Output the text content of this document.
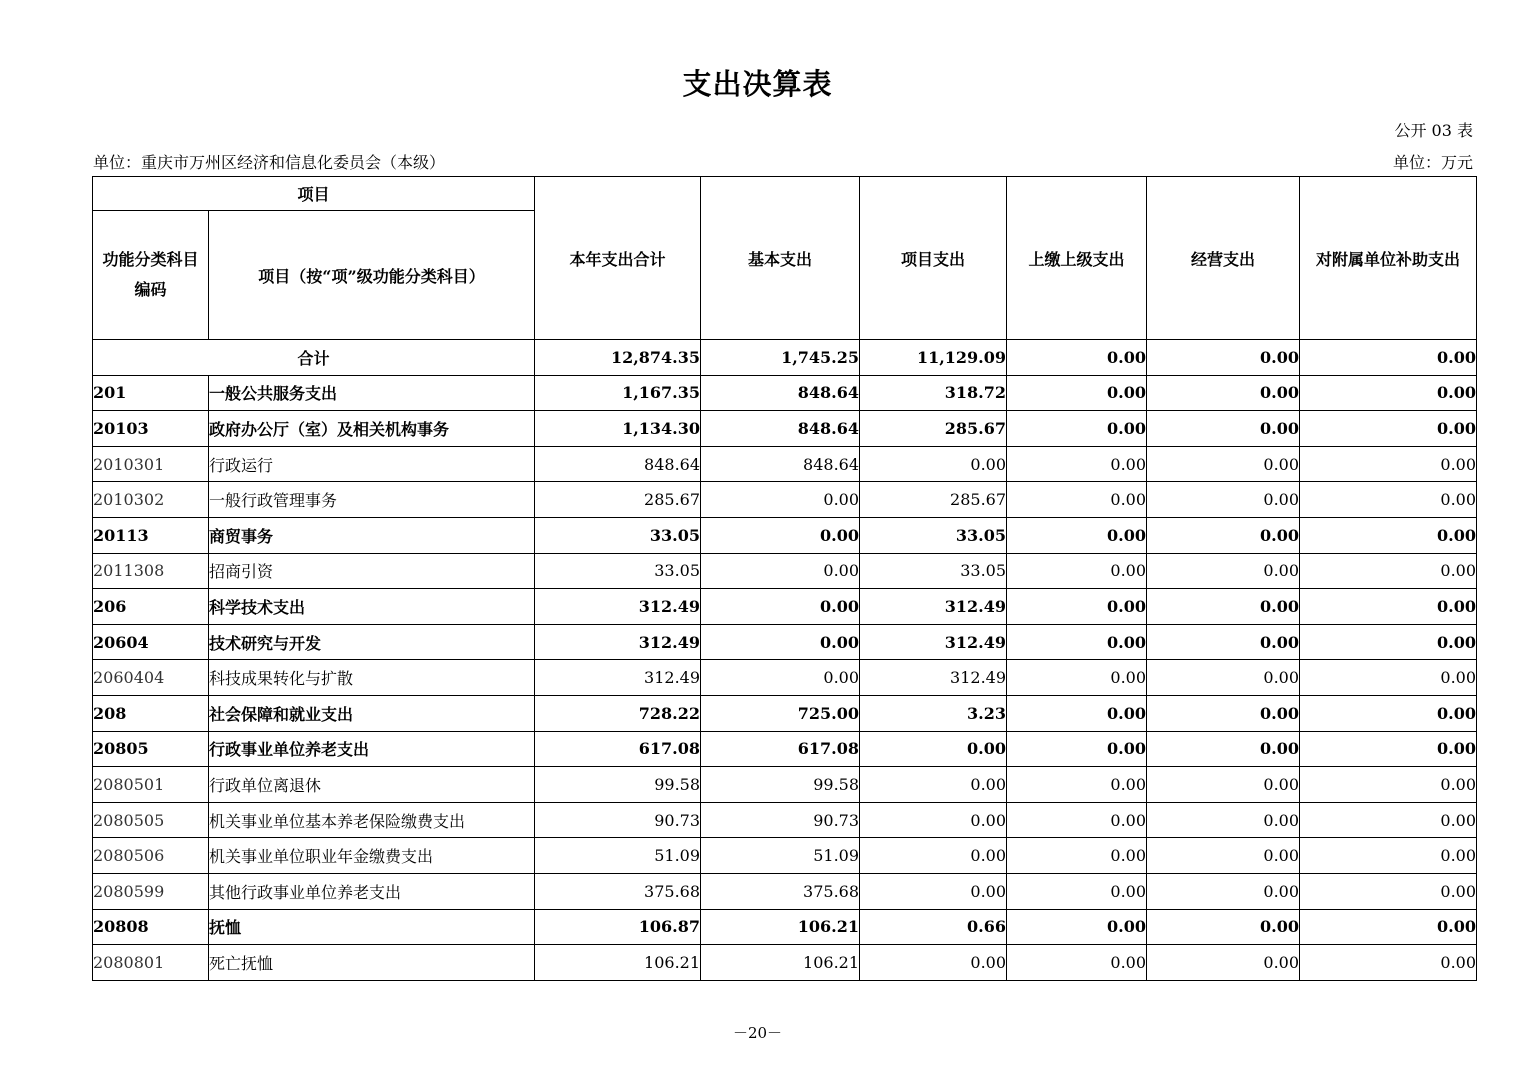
支出决算表
公开 03 表
单位：重庆市万州区经济和信息化委员会（本级）	单位：万元
项目		本年支出合计	基本支出	项目支出	上缴上级支出	经营支出	对附属单位补助支出
功能分类科目编码	项目（按“项”级功能分类科目）						
合计		12,874.35	1,745.25	11,129.09	0.00	0.00	0.00
201	一般公共服务支出	1,167.35	848.64	318.72	0.00	0.00	0.00
20103	政府办公厅（室）及相关机构事务	1,134.30	848.64	285.67	0.00	0.00	0.00
2010301	行政运行	848.64	848.64	0.00	0.00	0.00	0.00
2010302	一般行政管理事务	285.67	0.00	285.67	0.00	0.00	0.00
20113	商贸事务	33.05	0.00	33.05	0.00	0.00	0.00
2011308	招商引资	33.05	0.00	33.05	0.00	0.00	0.00
206	科学技术支出	312.49	0.00	312.49	0.00	0.00	0.00
20604	技术研究与开发	312.49	0.00	312.49	0.00	0.00	0.00
2060404	科技成果转化与扩散	312.49	0.00	312.49	0.00	0.00	0.00
208	社会保障和就业支出	728.22	725.00	3.23	0.00	0.00	0.00
20805	行政事业单位养老支出	617.08	617.08	0.00	0.00	0.00	0.00
2080501	行政单位离退休	99.58	99.58	0.00	0.00	0.00	0.00
2080505	机关事业单位基本养老保险缴费支出	90.73	90.73	0.00	0.00	0.00	0.00
2080506	机关事业单位职业年金缴费支出	51.09	51.09	0.00	0.00	0.00	0.00
2080599	其他行政事业单位养老支出	375.68	375.68	0.00	0.00	0.00	0.00
20808	抚恤	106.87	106.21	0.66	0.00	0.00	0.00
2080801	死亡抚恤	106.21	106.21	0.00	0.00	0.00	0.00
－20－
